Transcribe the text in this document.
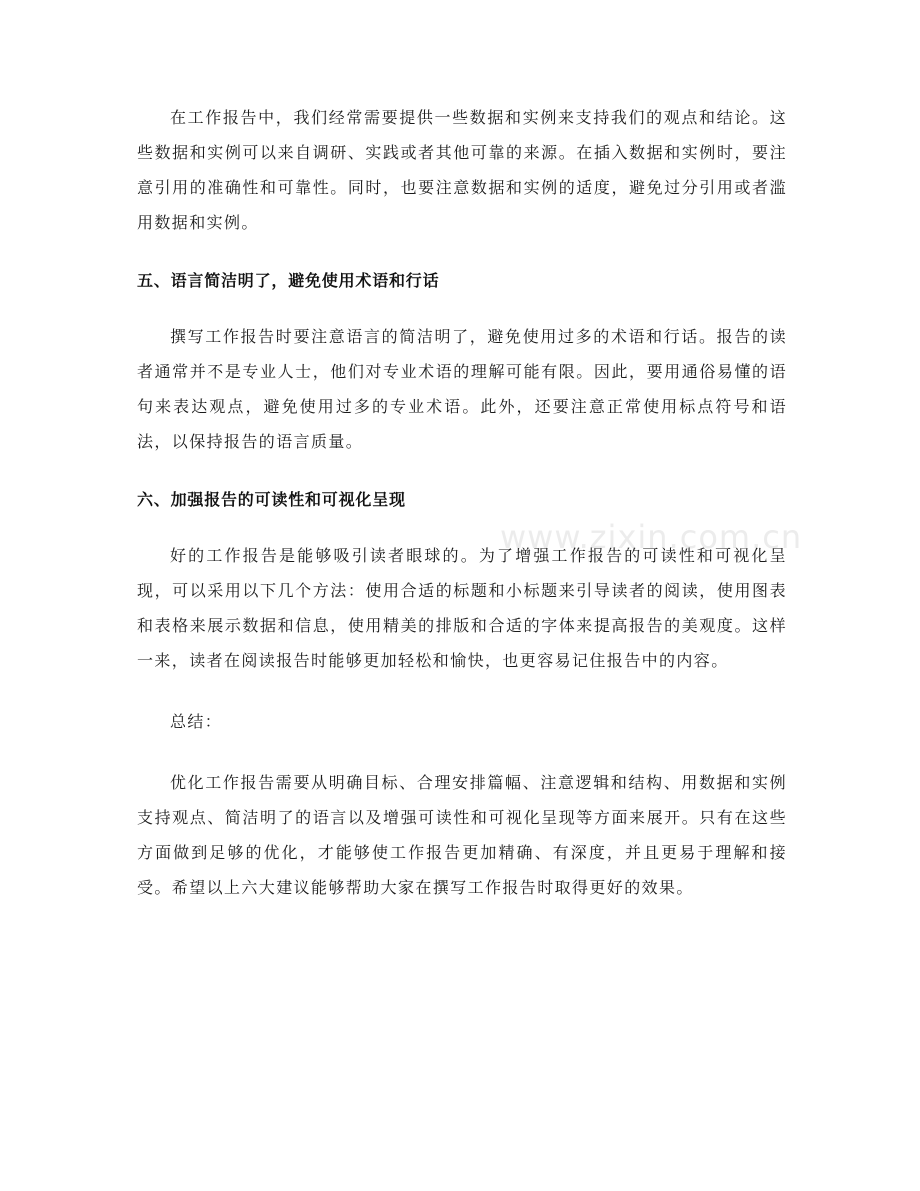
在工作报告中，我们经常需要提供一些数据和实例来支持我们的观点和结论。这些数据和实例可以来自调研、实践或者其他可靠的来源。在插入数据和实例时，要注意引用的准确性和可靠性。同时，也要注意数据和实例的适度，避免过分引用或者滥用数据和实例。

五、语言简洁明了，避免使用术语和行话

撰写工作报告时要注意语言的简洁明了，避免使用过多的术语和行话。报告的读者通常并不是专业人士，他们对专业术语的理解可能有限。因此，要用通俗易懂的语句来表达观点，避免使用过多的专业术语。此外，还要注意正常使用标点符号和语法，以保持报告的语言质量。

六、加强报告的可读性和可视化呈现

好的工作报告是能够吸引读者眼球的。为了增强工作报告的可读性和可视化呈现，可以采用以下几个方法：使用合适的标题和小标题来引导读者的阅读，使用图表和表格来展示数据和信息，使用精美的排版和合适的字体来提高报告的美观度。这样一来，读者在阅读报告时能够更加轻松和愉快，也更容易记住报告中的内容。

总结：

优化工作报告需要从明确目标、合理安排篇幅、注意逻辑和结构、用数据和实例支持观点、简洁明了的语言以及增强可读性和可视化呈现等方面来展开。只有在这些方面做到足够的优化，才能够使工作报告更加精确、有深度，并且更易于理解和接受。希望以上六大建议能够帮助大家在撰写工作报告时取得更好的效果。

www.zixin.com.cn
